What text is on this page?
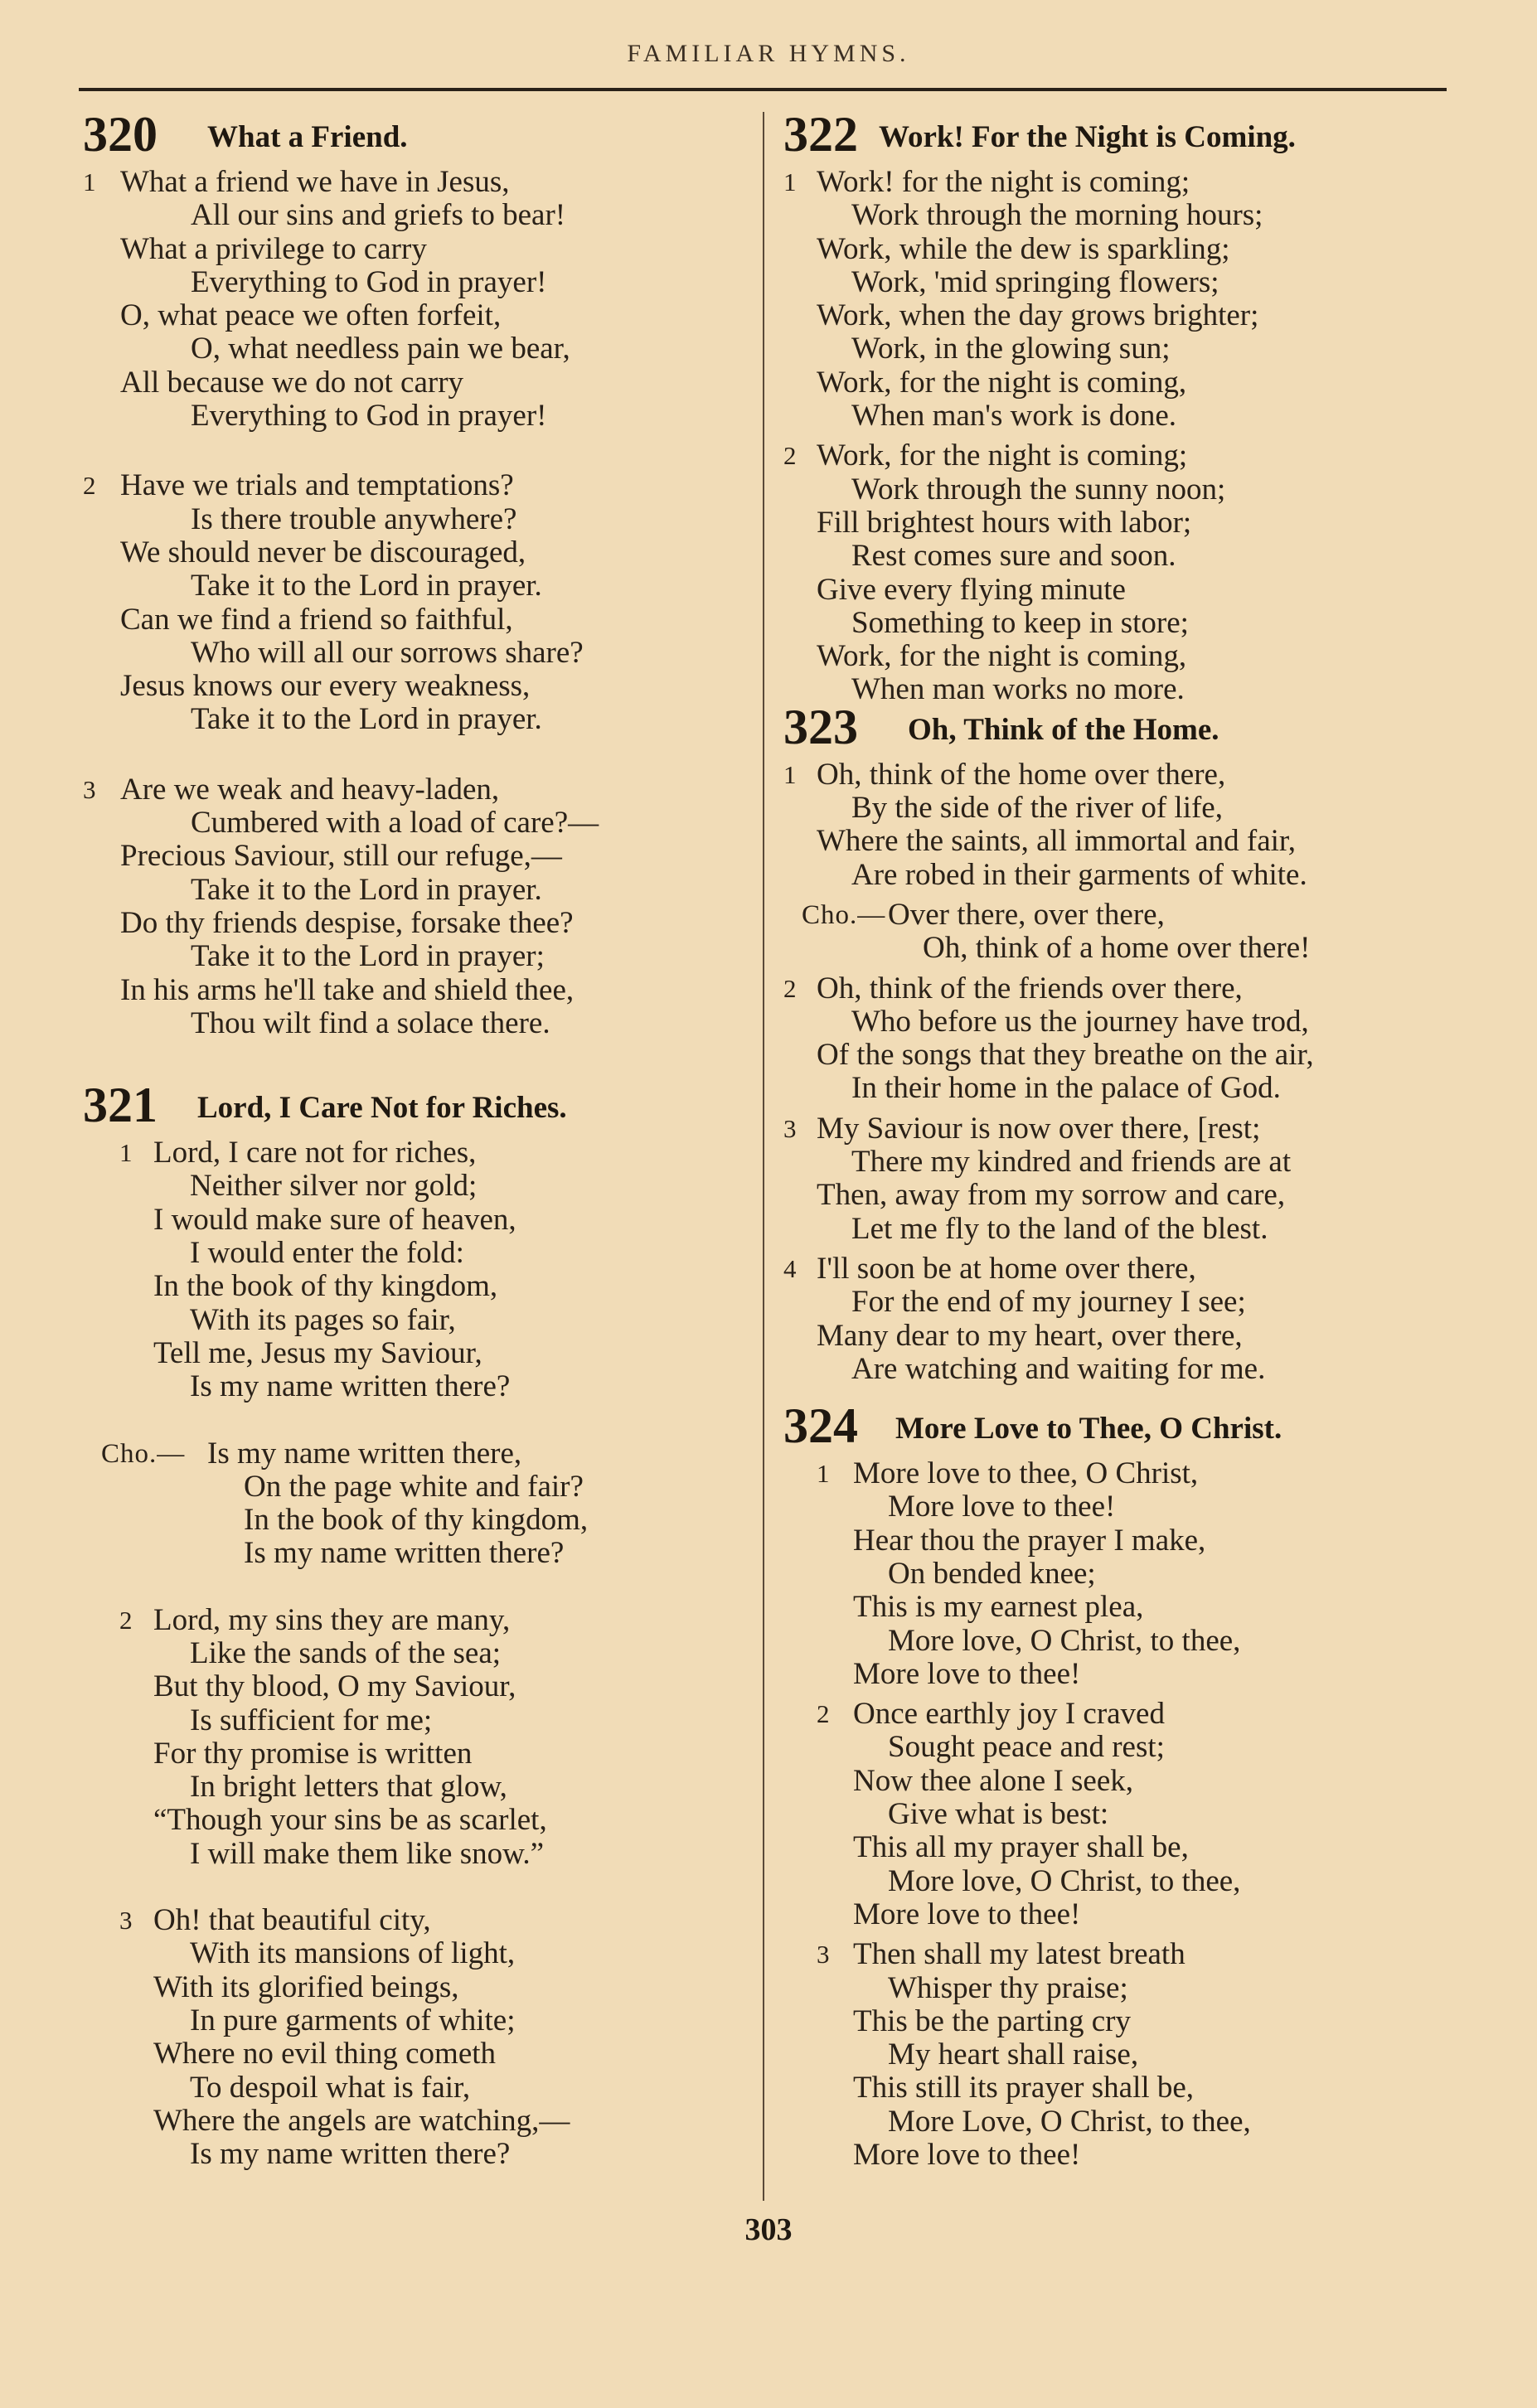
FAMILIAR HYMNS.
320 What a Friend.
1 What a friend we have in Jesus,
All our sins and griefs to bear!
What a privilege to carry
Everything to God in prayer!
O, what peace we often forfeit,
O, what needless pain we bear,
All because we do not carry
Everything to God in prayer!
2 Have we trials and temptations?
Is there trouble anywhere?
We should never be discouraged,
Take it to the Lord in prayer.
Can we find a friend so faithful,
Who will all our sorrows share?
Jesus knows our every weakness,
Take it to the Lord in prayer.
3 Are we weak and heavy-laden,
Cumbered with a load of care?—
Precious Saviour, still our refuge,—
Take it to the Lord in prayer.
Do thy friends despise, forsake thee?
Take it to the Lord in prayer;
In his arms he'll take and shield thee,
Thou wilt find a solace there.
321 Lord, I Care Not for Riches.
1 Lord, I care not for riches,
Neither silver nor gold;
I would make sure of heaven,
I would enter the fold:
In the book of thy kingdom,
With its pages so fair,
Tell me, Jesus my Saviour,
Is my name written there?
Cho.— Is my name written there,
On the page white and fair?
In the book of thy kingdom,
Is my name written there?
2 Lord, my sins they are many,
Like the sands of the sea;
But thy blood, O my Saviour,
Is sufficient for me;
For thy promise is written
In bright letters that glow,
“Though your sins be as scarlet,
I will make them like snow.”
3 Oh! that beautiful city,
With its mansions of light,
With its glorified beings,
In pure garments of white;
Where no evil thing cometh
To despoil what is fair,
Where the angels are watching,—
Is my name written there?
322 Work! For the Night is Coming.
1 Work! for the night is coming;
Work through the morning hours;
Work, while the dew is sparkling;
Work, 'mid springing flowers;
Work, when the day grows brighter;
Work, in the glowing sun;
Work, for the night is coming,
When man's work is done.
2 Work, for the night is coming;
Work through the sunny noon;
Fill brightest hours with labor;
Rest comes sure and soon.
Give every flying minute
Something to keep in store;
Work, for the night is coming,
When man works no more.
323 Oh, Think of the Home.
1 Oh, think of the home over there,
By the side of the river of life,
Where the saints, all immortal and fair,
Are robed in their garments of white.
Cho.— Over there, over there,
Oh, think of a home over there!
2 Oh, think of the friends over there,
Who before us the journey have trod,
Of the songs that they breathe on the air,
In their home in the palace of God.
3 My Saviour is now over there, [rest;
There my kindred and friends are at
Then, away from my sorrow and care,
Let me fly to the land of the blest.
4 I'll soon be at home over there,
For the end of my journey I see;
Many dear to my heart, over there,
Are watching and waiting for me.
324 More Love to Thee, O Christ.
1 More love to thee, O Christ,
More love to thee!
Hear thou the prayer I make,
On bended knee;
This is my earnest plea,
More love, O Christ, to thee,
More love to thee!
2 Once earthly joy I craved
Sought peace and rest;
Now thee alone I seek,
Give what is best:
This all my prayer shall be,
More love, O Christ, to thee,
More love to thee!
3 Then shall my latest breath
Whisper thy praise;
This be the parting cry
My heart shall raise,
This still its prayer shall be,
More Love, O Christ, to thee,
More love to thee!
303
